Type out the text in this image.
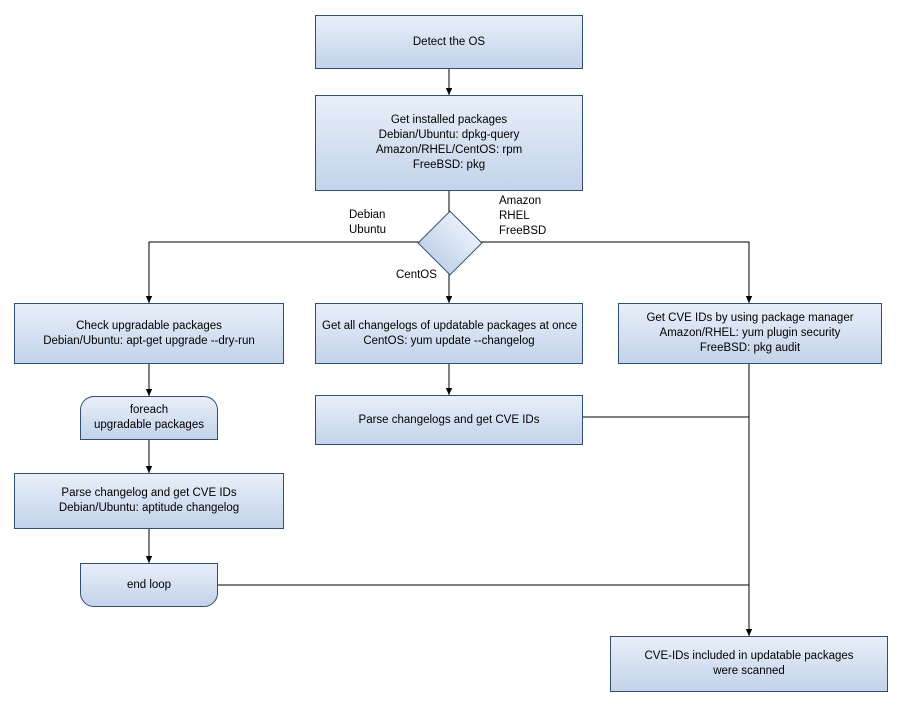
Detect the OS
Get installed packages
Debian/Ubuntu: dpkg-query
Amazon/RHEL/CentOS: rpm
FreeBSD: pkg
Check upgradable packages
Debian/Ubuntu: apt-get upgrade --dry-run
Get all changelogs of updatable packages at once
CentOS: yum update --changelog
Get CVE IDs by using package manager
Amazon/RHEL: yum plugin security
FreeBSD: pkg audit
foreach
upgradable packages	Parse changelogs and get CVE IDs
Parse changelog and get CVE IDs
Debian/Ubuntu: aptitude changelog
end loop
CVE-IDs included in updatable packages
were scanned
Debian
Ubuntu
Amazon
RHEL
FreeBSD
CentOS
